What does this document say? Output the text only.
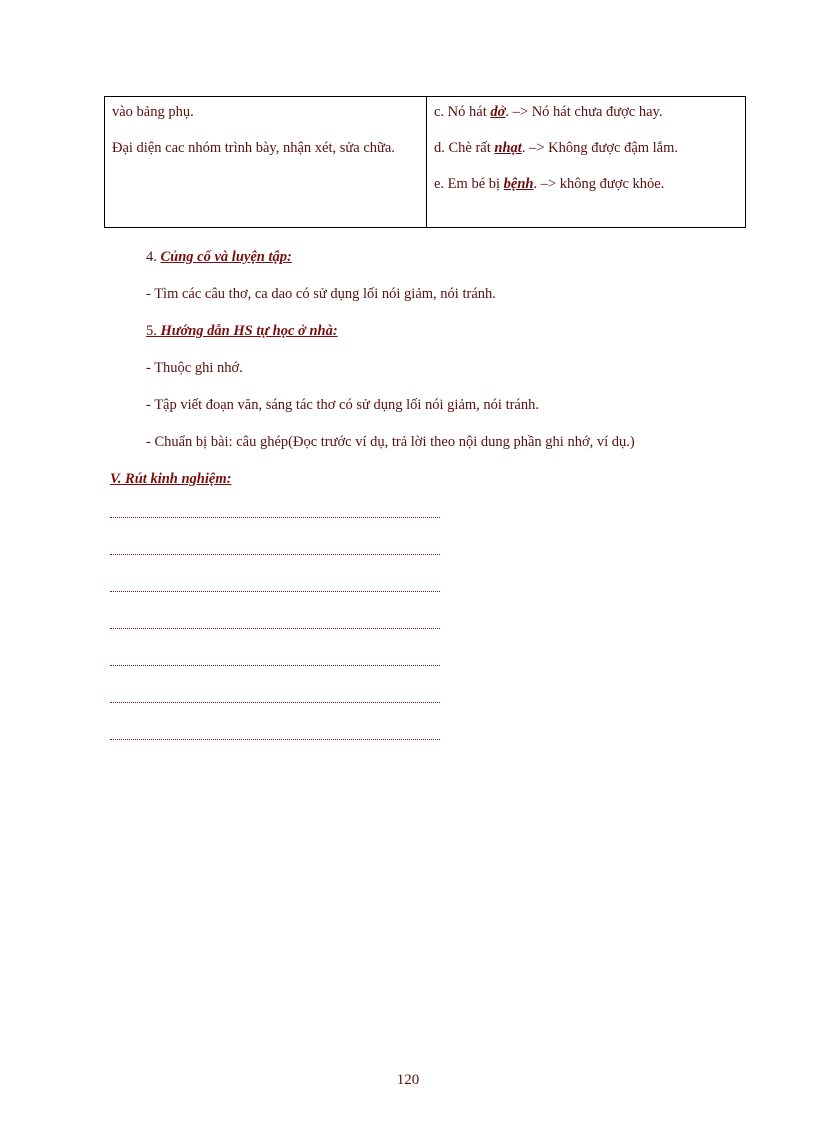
vào bảng phụ.

Đại diện cac nhóm trình bày, nhận xét, sửa chữa.

c. Nó hát dở. –> Nó hát chưa được hay.

d. Chè rất nhạt. –> Không được đậm lắm.

e. Em bé bị bệnh. –> không được khỏe.

4. Củng cố và luyện tập:
- Tìm các câu thơ, ca dao có sử dụng lối nói giảm, nói tránh.
5. Hướng dẫn HS tự học ở nhà:
- Thuộc ghi nhớ.
- Tập viết đoạn văn, sáng tác thơ có sử dụng lối nói giảm, nói tránh.
- Chuẩn bị bài: câu ghép(Đọc trước ví dụ, trả lời theo nội dung phần ghi nhớ, ví dụ.)
V. Rút kinh nghiệm:
120
